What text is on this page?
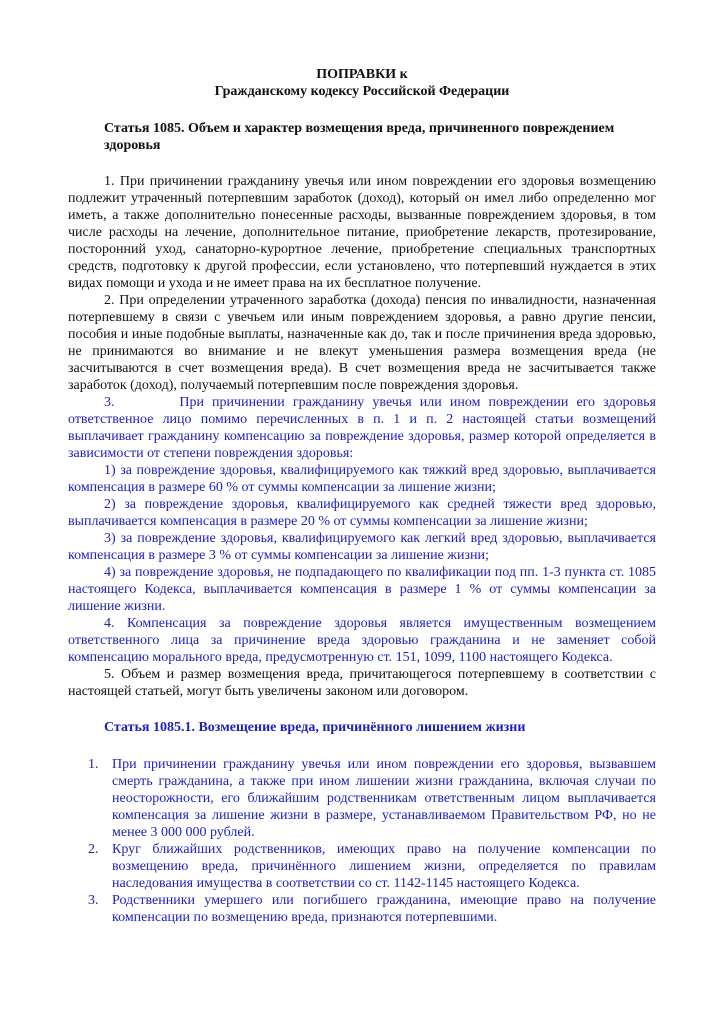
ПОПРАВКИ к
Гражданскому кодексу Российской Федерации
Статья 1085. Объем и характер возмещения вреда, причиненного повреждением здоровья

1. При причинении гражданину увечья или ином повреждении его здоровья возмещению подлежит утраченный потерпевшим заработок (доход), который он имел либо определенно мог иметь, а также дополнительно понесенные расходы, вызванные повреждением здоровья, в том числе расходы на лечение, дополнительное питание, приобретение лекарств, протезирование, посторонний уход, санаторно-курортное лечение, приобретение специальных транспортных средств, подготовку к другой профессии, если установлено, что потерпевший нуждается в этих видах помощи и ухода и не имеет права на их бесплатное получение.

2. При определении утраченного заработка (дохода) пенсия по инвалидности, назначенная потерпевшему в связи с увечьем или иным повреждением здоровья, а равно другие пенсии, пособия и иные подобные выплаты, назначенные как до, так и после причинения вреда здоровью, не принимаются во внимание и не влекут уменьшения размера возмещения вреда (не засчитываются в счет возмещения вреда). В счет возмещения вреда не засчитывается также заработок (доход), получаемый потерпевшим после повреждения здоровья.

3.        При причинении гражданину увечья или ином повреждении его здоровья ответственное лицо помимо перечисленных в п. 1 и п. 2 настоящей статьи возмещений выплачивает гражданину компенсацию за повреждение здоровья, размер которой определяется в зависимости от степени повреждения здоровья:

1) за повреждение здоровья, квалифицируемого как тяжкий вред здоровью, выплачивается компенсация в размере 60 % от суммы компенсации за лишение жизни;

2) за повреждение здоровья, квалифицируемого как средней тяжести вред здоровью, выплачивается компенсация в размере 20 % от суммы компенсации за лишение жизни;

3) за повреждение здоровья, квалифицируемого как легкий вред здоровью, выплачивается компенсация в размере 3 % от суммы компенсации за лишение жизни;

4) за повреждение здоровья, не подпадающего по квалификации под пп. 1-3 пункта ст. 1085 настоящего Кодекса, выплачивается компенсация в размере 1 % от суммы компенсации за лишение жизни.

4. Компенсация за повреждение здоровья является имущественным возмещением ответственного лица за причинение вреда здоровью гражданина и не заменяет собой компенсацию морального вреда, предусмотренную ст. 151, 1099, 1100 настоящего Кодекса.

5. Объем и размер возмещения вреда, причитающегося потерпевшему в соответствии с настоящей статьей, могут быть увеличены законом или договором.

Статья 1085.1. Возмещение вреда, причинённого лишением жизни
1. При причинении гражданину увечья или ином повреждении его здоровья, вызвавшем смерть гражданина, а также при ином лишении жизни гражданина, включая случаи по неосторожности, его ближайшим родственникам ответственным лицом выплачивается компенсация за лишение жизни в размере, устанавливаемом Правительством РФ, но не менее 3 000 000 рублей.
2. Круг ближайших родственников, имеющих право на получение компенсации по возмещению вреда, причинённого лишением жизни, определяется по правилам наследования имущества в соответствии со ст. 1142-1145 настоящего Кодекса.
3. Родственники умершего или погибшего гражданина, имеющие право на получение компенсации по возмещению вреда, признаются потерпевшими.
